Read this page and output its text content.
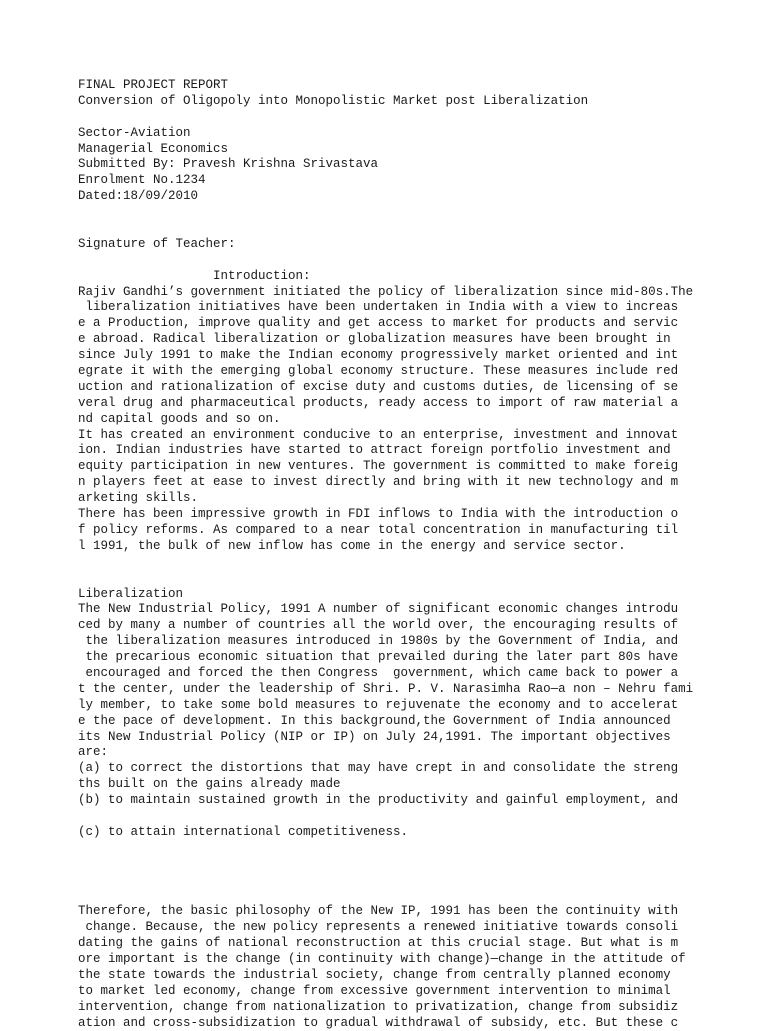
FINAL PROJECT REPORT
Conversion of Oligopoly into Monopolistic Market post Liberalization
Sector-Aviation
Managerial Economics
Submitted By: Pravesh Krishna Srivastava
Enrolment No.1234
Dated:18/09/2010
Signature of Teacher:
Introduction:
Rajiv Gandhi’s government initiated the policy of liberalization since mid-80s.The
liberalization initiatives have been undertaken in India with a view to increas
e a Production, improve quality and get access to market for products and servic
e abroad. Radical liberalization or globalization measures have been brought in
since July 1991 to make the Indian economy progressively market oriented and int
egrate it with the emerging global economy structure. These measures include red
uction and rationalization of excise duty and customs duties, de licensing of se
veral drug and pharmaceutical products, ready access to import of raw material a
nd capital goods and so on.
It has created an environment conducive to an enterprise, investment and innovat
ion. Indian industries have started to attract foreign portfolio investment and
equity participation in new ventures. The government is committed to make foreig
n players feet at ease to invest directly and bring with it new technology and m
arketing skills.
There has been impressive growth in FDI inflows to India with the introduction o
f policy reforms. As compared to a near total concentration in manufacturing til
l 1991, the bulk of new inflow has come in the energy and service sector.
Liberalization
The New Industrial Policy, 1991 A number of significant economic changes introdu
ced by many a number of countries all the world over, the encouraging results of
the liberalization measures introduced in 1980s by the Government of India, and
the precarious economic situation that prevailed during the later part 80s have
encouraged and forced the then Congress  government, which came back to power a
t the center, under the leadership of Shri. P. V. Narasimha Rao—a non – Nehru fami
ly member, to take some bold measures to rejuvenate the economy and to accelerat
e the pace of development. In this background,the Government of India announced
its New Industrial Policy (NIP or IP) on July 24,1991. The important objectives
are:
(a) to correct the distortions that may have crept in and consolidate the streng
ths built on the gains already made
(b) to maintain sustained growth in the productivity and gainful employment, and
(c) to attain international competitiveness.
Therefore, the basic philosophy of the New IP, 1991 has been the continuity with
change. Because, the new policy represents a renewed initiative towards consoli
dating the gains of national reconstruction at this crucial stage. But what is m
ore important is the change (in continuity with change)—change in the attitude of
the state towards the industrial society, change from centrally planned economy
to market led economy, change from excessive government intervention to minimal
intervention, change from nationalization to privatization, change from subsidiz
ation and cross-subsidization to gradual withdrawal of subsidy, etc. But these c
